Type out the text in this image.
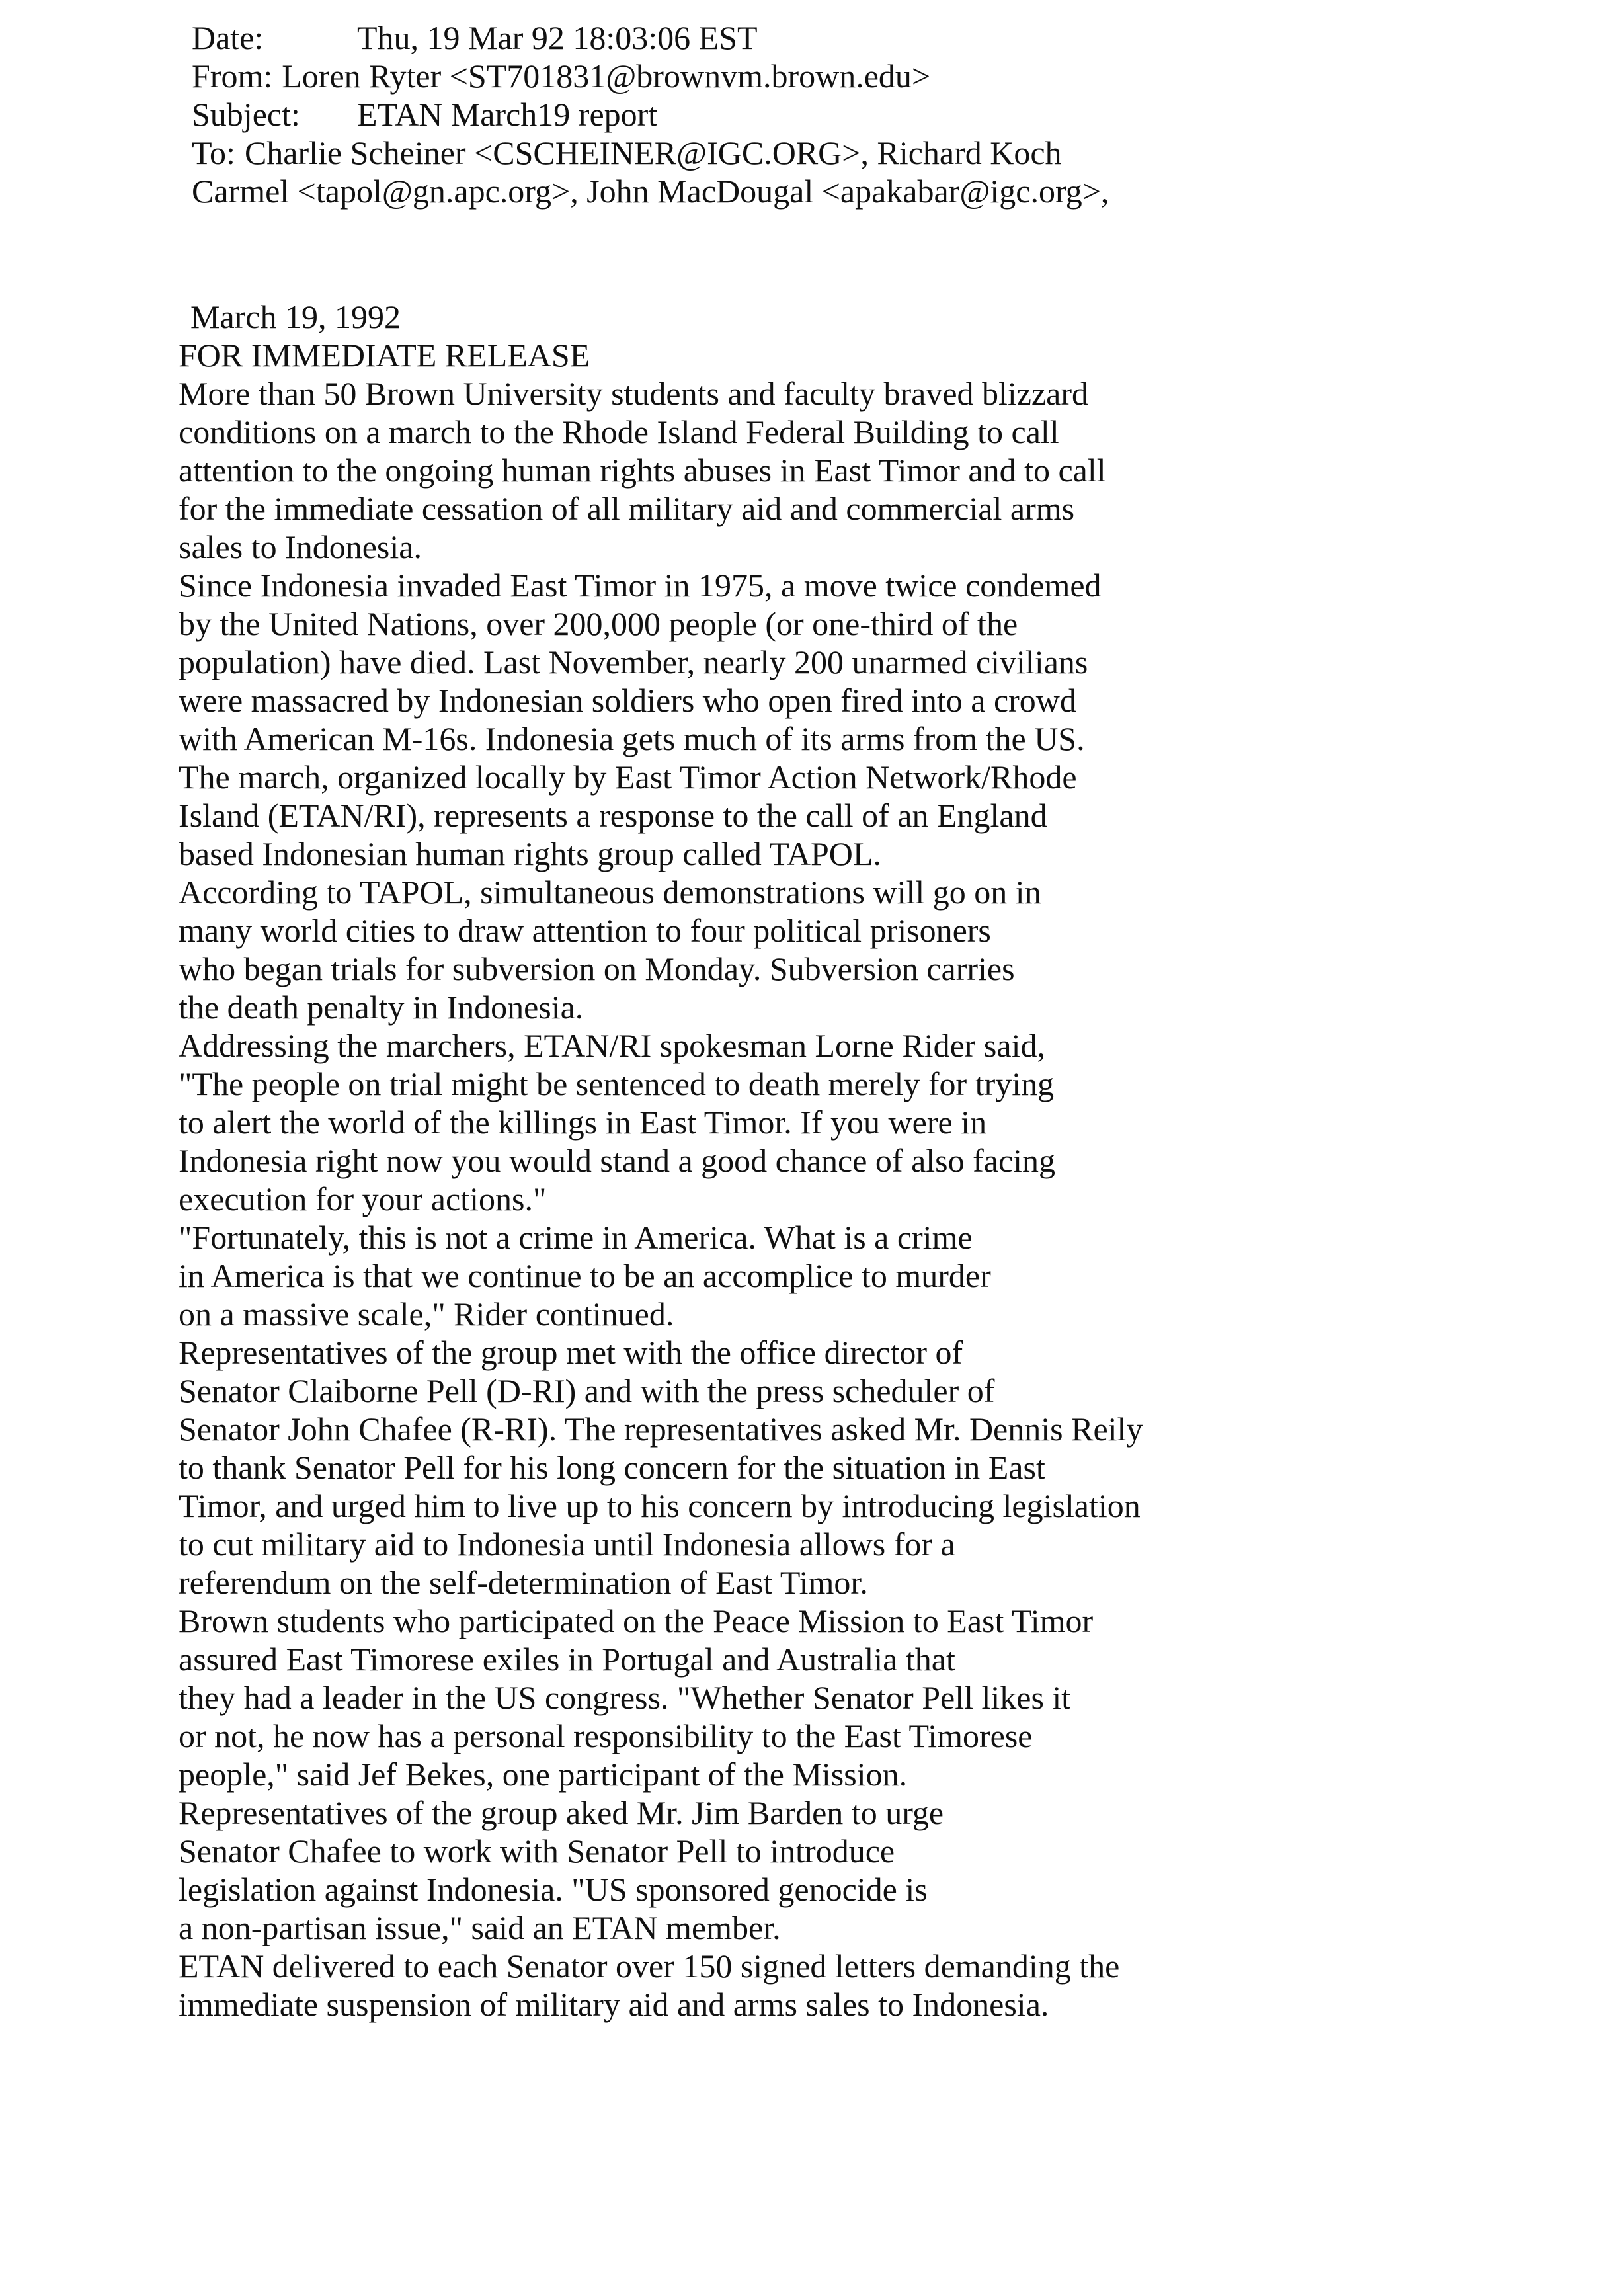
Date:	Thu, 19 Mar 92 18:03:06 EST
From: Loren Ryter <ST701831@brownvm.brown.edu>
Subject: ETAN March19 report
To: Charlie Scheiner <CSCHEINER@IGC.ORG>, Richard Koch
Carmel <tapol@gn.apc.org>, John MacDougal <apakabar@igc.org>,
March 19, 1992
FOR IMMEDIATE RELEASE
More than 50 Brown University students and faculty braved blizzard
conditions on a march to the Rhode Island Federal Building to call
attention to the ongoing human rights abuses in East Timor and to call
for the immediate cessation of all military aid and commercial arms
sales to Indonesia.
Since Indonesia invaded East Timor in 1975, a move twice condemed
by the United Nations, over 200,000 people (or one-third of the
population) have died. Last November, nearly 200 unarmed civilians
were massacred by Indonesian soldiers who open fired into a crowd
with American M-16s. Indonesia gets much of its arms from the US.
The march, organized locally by East Timor Action Network/Rhode
Island (ETAN/RI), represents a response to the call of an England
based Indonesian human rights group called TAPOL.
According to TAPOL, simultaneous demonstrations will go on in
many world cities to draw attention to four political prisoners
who began trials for subversion on Monday. Subversion carries
the death penalty in Indonesia.
Addressing the marchers, ETAN/RI spokesman Lorne Rider said,
"The people on trial might be sentenced to death merely for trying
to alert the world of the killings in East Timor. If you were in
Indonesia right now you would stand a good chance of also facing
execution for your actions."
"Fortunately, this is not a crime in America. What is a crime
in America is that we continue to be an accomplice to murder
on a massive scale," Rider continued.
Representatives of the group met with the office director of
Senator Claiborne Pell (D-RI) and with the press scheduler of
Senator John Chafee (R-RI). The representatives asked Mr. Dennis Reily
to thank Senator Pell for his long concern for the situation in East
Timor, and urged him to live up to his concern by introducing legislation
to cut military aid to Indonesia until Indonesia allows for a
referendum on the self-determination of East Timor.
Brown students who participated on the Peace Mission to East Timor
assured East Timorese exiles in Portugal and Australia that
they had a leader in the US congress. "Whether Senator Pell likes it
or not, he now has a personal responsibility to the East Timorese
people," said Jef Bekes, one participant of the Mission.
Representatives of the group aked Mr. Jim Barden to urge
Senator Chafee to work with Senator Pell to introduce
legislation against Indonesia. "US sponsored genocide is
a non-partisan issue," said an ETAN member.
ETAN delivered to each Senator over 150 signed letters demanding the
immediate suspension of military aid and arms sales to Indonesia.
